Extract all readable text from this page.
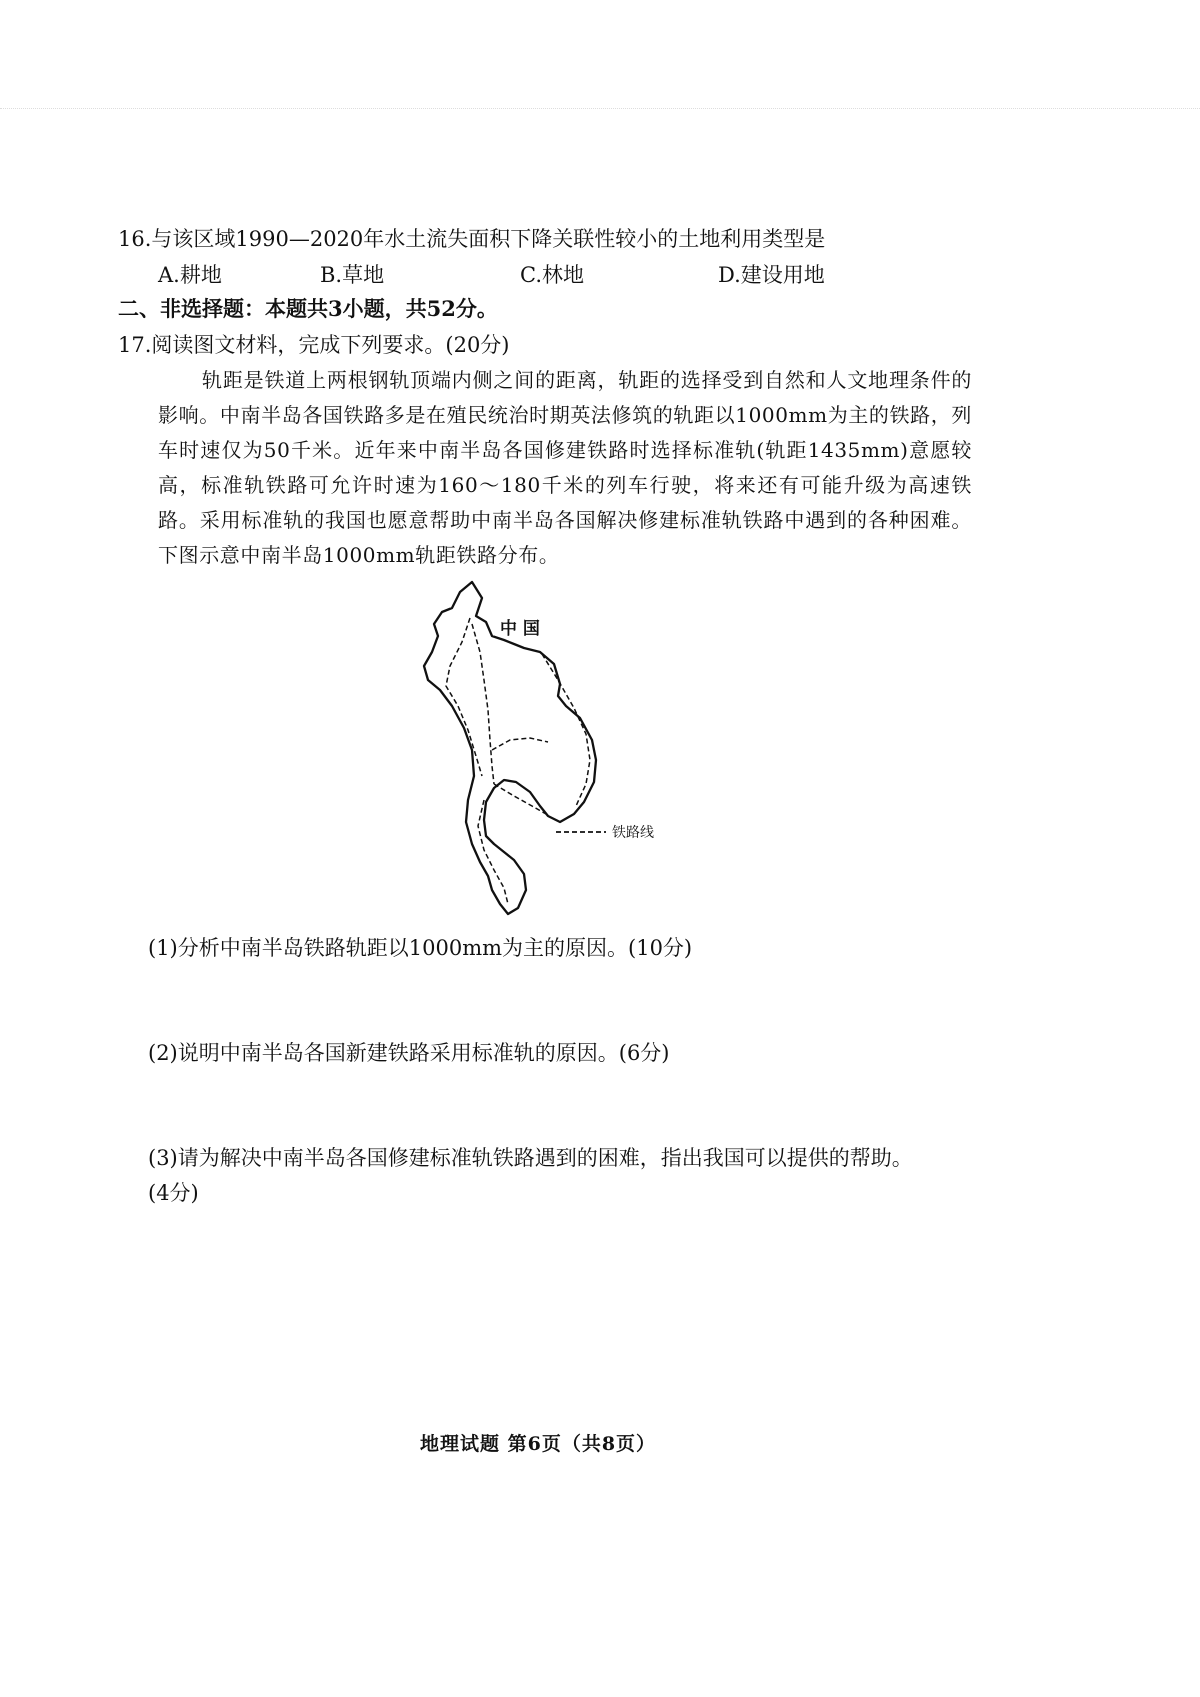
16.与该区域1990—2020年水土流失面积下降关联性较小的土地利用类型是
A.耕地	B.草地	C.林地	D.建设用地
二、非选择题：本题共3小题，共52分。
17.阅读图文材料，完成下列要求。(20分)
轨距是铁道上两根钢轨顶端内侧之间的距离，轨距的选择受到自然和人文地理条件的影响。中南半岛各国铁路多是在殖民统治时期英法修筑的轨距以1000mm为主的铁路，列车时速仅为50千米。近年来中南半岛各国修建铁路时选择标准轨(轨距1435mm)意愿较高，标准轨铁路可允许时速为160～180千米的列车行驶，将来还有可能升级为高速铁路。采用标准轨的我国也愿意帮助中南半岛各国解决修建标准轨铁路中遇到的各种困难。下图示意中南半岛1000mm轨距铁路分布。
中 国
铁路线
(1)分析中南半岛铁路轨距以1000mm为主的原因。(10分)
(2)说明中南半岛各国新建铁路采用标准轨的原因。(6分)
(3)请为解决中南半岛各国修建标准轨铁路遇到的困难，指出我国可以提供的帮助。
(4分)
地理试题 第6页（共8页）
